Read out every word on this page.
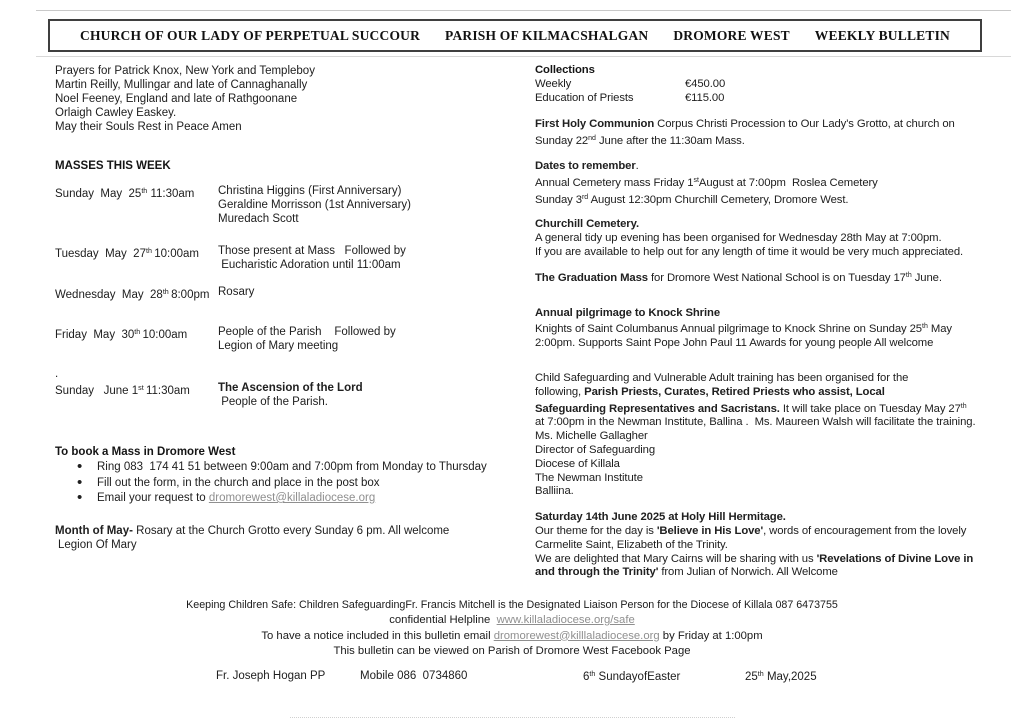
CHURCH OF OUR LADY OF PERPETUAL SUCCOUR PARISH OF KILMACSHALGAN DROMORE WEST WEEKLY BULLETIN
Prayers for Patrick Knox, New York and Templeboy
Martin Reilly, Mullingar and late of Cannaghanally
Noel Feeney, England and late of Rathgoonane
Orlaigh Cawley Easkey.
May their Souls Rest in Peace Amen
MASSES THIS WEEK
Sunday  May  25th 11:30am	Christina Higgins (First Anniversary)
Geraldine Morrisson (1st Anniversary)
Muredach Scott
Tuesday  May  27th 10:00am	Those present at Mass   Followed by
Eucharistic Adoration until 11:00am
Wednesday  May  28th 8:00pm Rosary
Friday  May  30th 10:00am	People of the Parish    Followed by
Legion of Mary meeting
.
Sunday   June 1st 11:30am	The Ascension of the Lord
People of the Parish.
To book a Mass in Dromore West
• Ring 083  174 41 51 between 9:00am and 7:00pm from Monday to Thursday
• Fill out the form, in the church and place in the post box
• Email your request to dromorewest@killaladiocese.org
Month of May- Rosary at the Church Grotto every Sunday 6 pm. All welcome
Legion Of Mary
Collections
Weekly	€450.00
Education of Priests	€115.00
First Holy Communion Corpus Christi Procession to Our Lady's Grotto, at church on
Sunday 22nd June after the 11:30am Mass.
Dates to remember.
Annual Cemetery mass Friday 1stAugust at 7:00pm  Roslea Cemetery
Sunday 3rd August 12:30pm Churchill Cemetery, Dromore West.
Churchill Cemetery.
A general tidy up evening has been organised for Wednesday 28th May at 7:00pm.
If you are available to help out for any length of time it would be very much appreciated.
The Graduation Mass for Dromore West National School is on Tuesday 17th June.
Annual pilgrimage to Knock Shrine
Knights of Saint Columbanus Annual pilgrimage to Knock Shrine on Sunday 25th May
2:00pm. Supports Saint Pope John Paul 11 Awards for young people All welcome
Child Safeguarding and Vulnerable Adult training has been organised for the
following, Parish Priests, Curates, Retired Priests who assist, Local
Safeguarding Representatives and Sacristans. It will take place on Tuesday May 27th
at 7:00pm in the Newman Institute, Ballina .  Ms. Maureen Walsh will facilitate the training.
Ms. Michelle Gallagher
Director of Safeguarding
Diocese of Killala
The Newman Institute
Balliina.
Saturday 14th June 2025 at Holy Hill Hermitage.
Our theme for the day is 'Believe in His Love', words of encouragement from the lovely
Carmelite Saint, Elizabeth of the Trinity.
We are delighted that Mary Cairns will be sharing with us 'Revelations of Divine Love in
and through the Trinity' from Julian of Norwich. All Welcome
Keeping Children Safe: Children SafeguardingFr. Francis Mitchell is the Designated Liaison Person for the Diocese of Killala 087 6473755
confidential Helpline  www.killaladiocese.org/safe
To have a notice included in this bulletin email dromorewest@killlaladiocese.org by Friday at 1:00pm
This bulletin can be viewed on Parish of Dromore West Facebook Page
Fr. Joseph Hogan PP	Mobile 086  0734860	6th SundayofEaster	25th May,2025
